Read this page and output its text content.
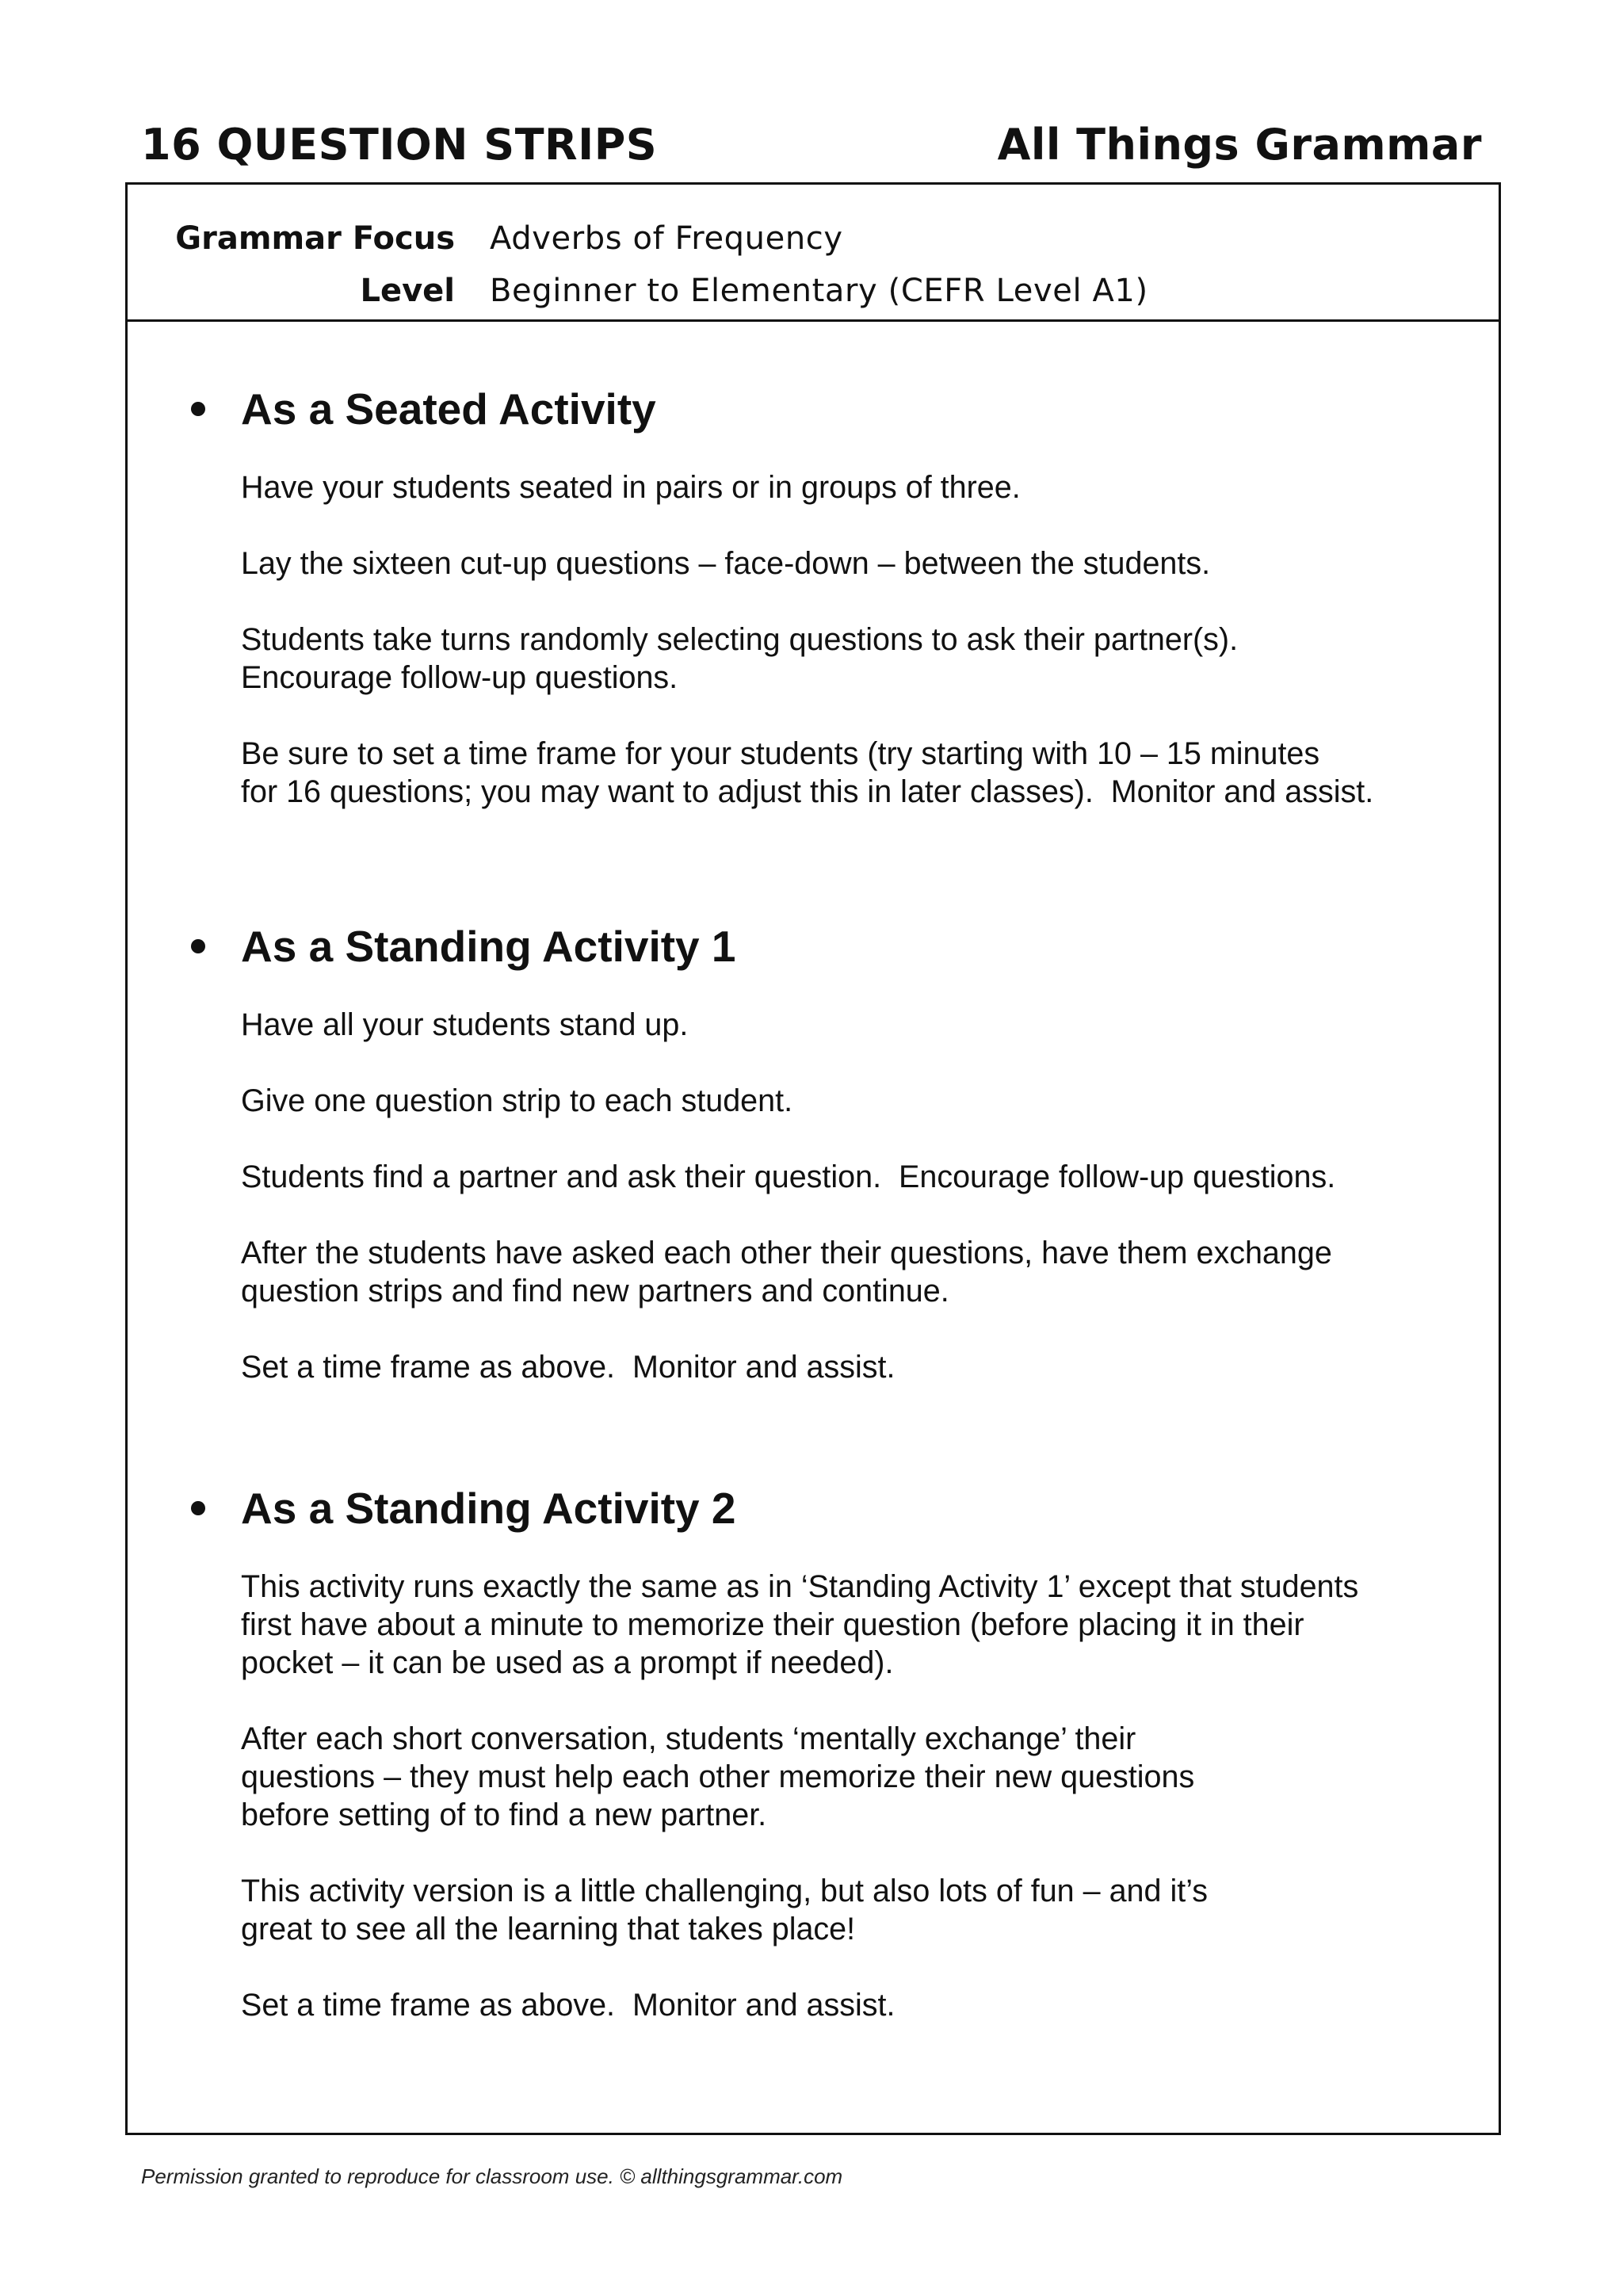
16 QUESTION STRIPS	All Things Grammar
Grammar Focus Adverbs of Frequency
Level Beginner to Elementary (CEFR Level A1)
As a Seated Activity

Have your students seated in pairs or in groups of three.

Lay the sixteen cut-up questions – face-down – between the students.

Students take turns randomly selecting questions to ask their partner(s).
Encourage follow-up questions.

Be sure to set a time frame for your students (try starting with 10 – 15 minutes
for 16 questions; you may want to adjust this in later classes).  Monitor and assist.

As a Standing Activity 1

Have all your students stand up.

Give one question strip to each student.

Students find a partner and ask their question.  Encourage follow-up questions.

After the students have asked each other their questions, have them exchange
question strips and find new partners and continue.

Set a time frame as above.  Monitor and assist.

As a Standing Activity 2

This activity runs exactly the same as in ‘Standing Activity 1’ except that students
first have about a minute to memorize their question (before placing it in their
pocket – it can be used as a prompt if needed).

After each short conversation, students ‘mentally exchange’ their
questions – they must help each other memorize their new questions
before setting of to find a new partner.

This activity version is a little challenging, but also lots of fun – and it’s
great to see all the learning that takes place!

Set a time frame as above.  Monitor and assist.

Permission granted to reproduce for classroom use. © allthingsgrammar.com
